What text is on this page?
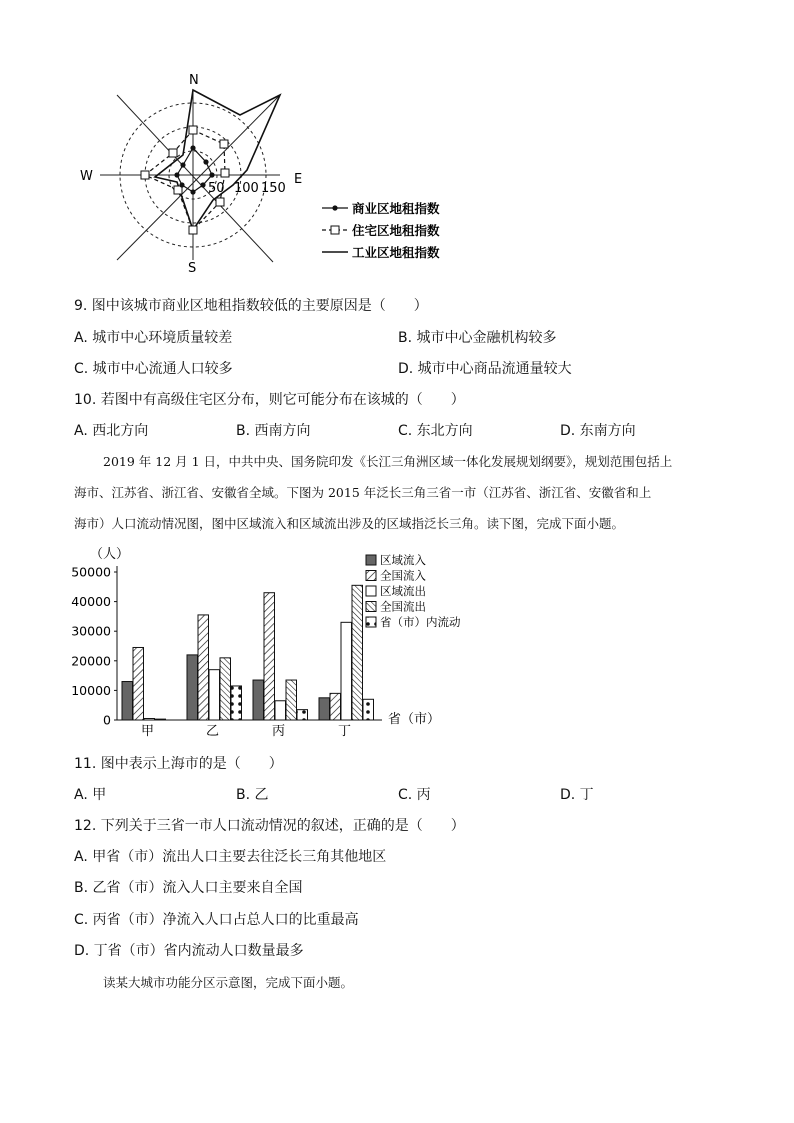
N
S
W	E
50 100 150
商业区地租指数
住宅区地租指数
工业区地租指数
9. 图中该城市商业区地租指数较低的主要原因是（　　）
A. 城市中心环境质量较差	B. 城市中心金融机构较多
C. 城市中心流通人口较多	D. 城市中心商品流通量较大
10. 若图中有高级住宅区分布，则它可能分布在该城的（　　）
A. 西北方向	B. 西南方向	C. 东北方向	D. 东南方向
2019 年 12 月 1 日，中共中央、国务院印发《长江三角洲区域一体化发展规划纲要》，规划范围包括上
海市、江苏省、浙江省、安徽省全域。下图为 2015 年泛长三角三省一市（江苏省、浙江省、安徽省和上
海市）人口流动情况图，图中区域流入和区域流出涉及的区域指泛长三角。读下图，完成下面小题。
（人）
省（市）
0
10000
20000
30000
40000
50000
甲	乙	丙	丁
区域流入
全国流入
区域流出
全国流出
省（市）内流动
11. 图中表示上海市的是（　　）
A. 甲	B. 乙	C. 丙	D. 丁
12. 下列关于三省一市人口流动情况的叙述，正确的是（　　）
A. 甲省（市）流出人口主要去往泛长三角其他地区
B. 乙省（市）流入人口主要来自全国
C. 丙省（市）净流入人口占总人口的比重最高
D. 丁省（市）省内流动人口数量最多
读某大城市功能分区示意图，完成下面小题。
